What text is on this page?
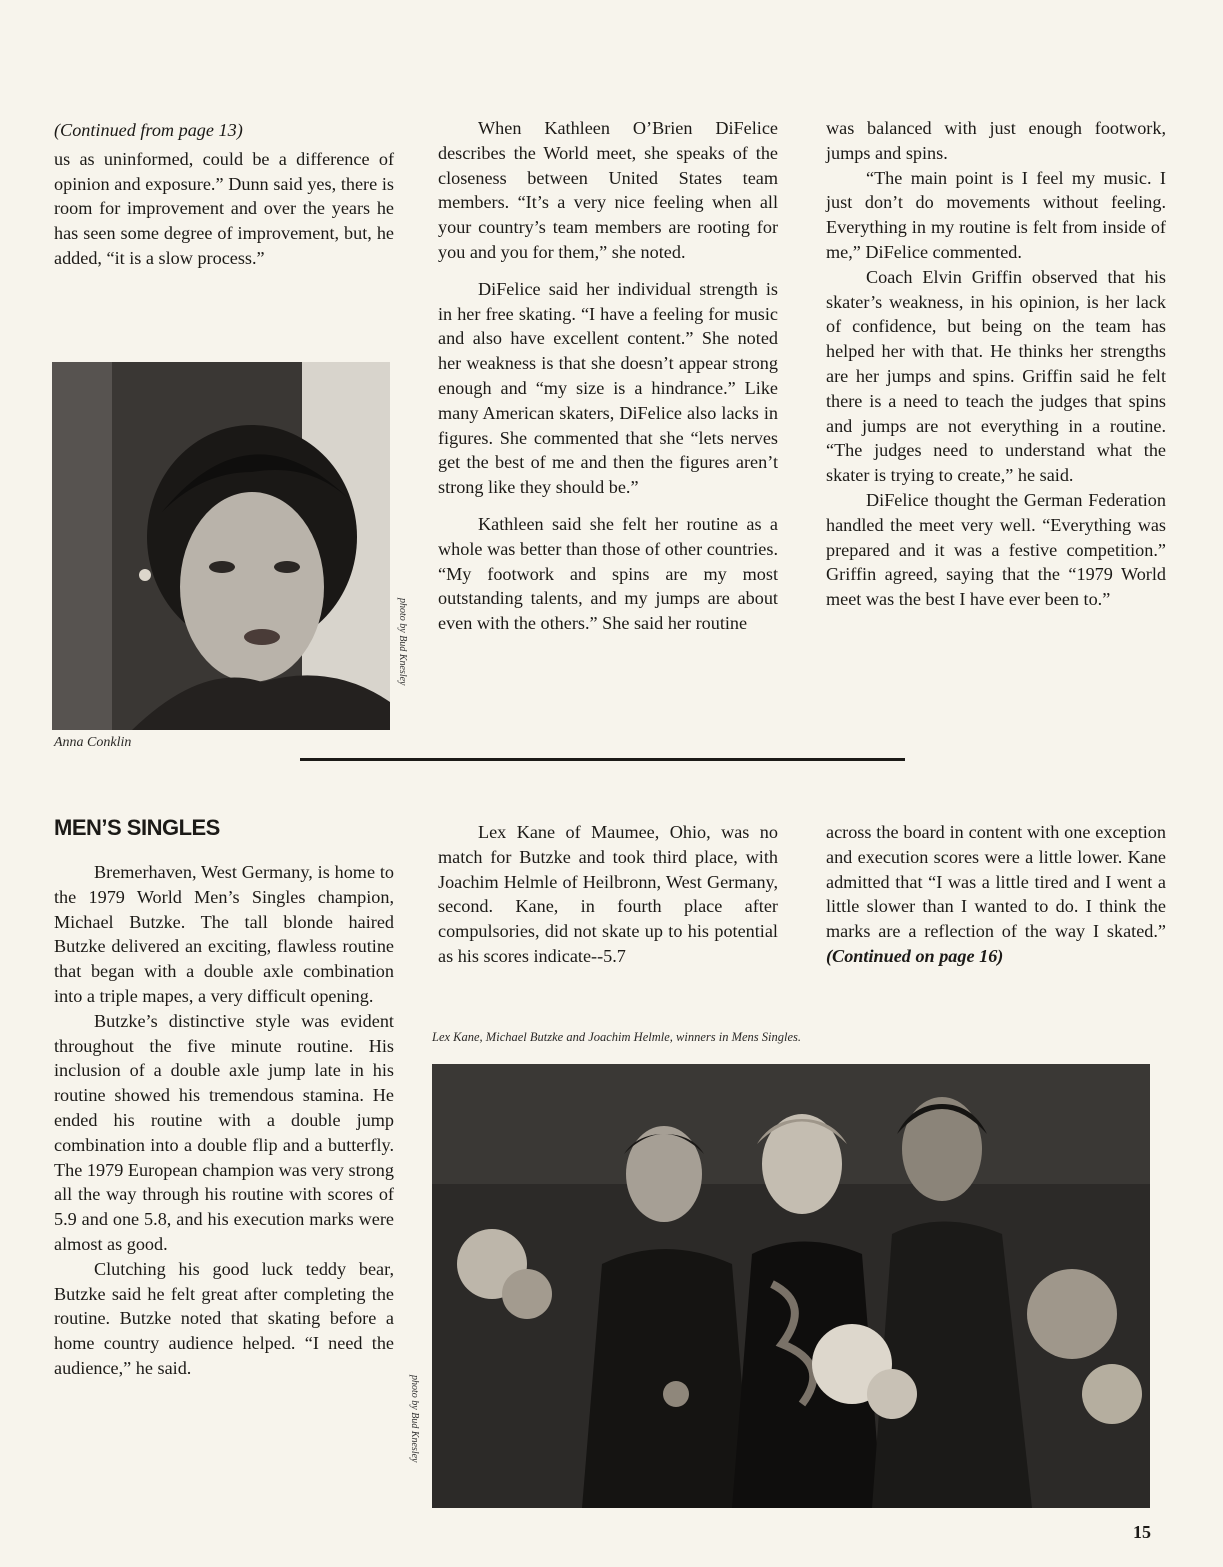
(Continued from page 13)

us as uninformed, could be a difference of opinion and exposure.” Dunn said yes, there is room for improvement and over the years he has seen some degree of improvement, but, he added, “it is a slow process.”

photo by Bud Knesley
Anna Conklin

When Kathleen O’Brien DiFelice describes the World meet, she speaks of the closeness between United States team members. “It’s a very nice feeling when all your country’s team members are rooting for you and you for them,” she noted.

DiFelice said her individual strength is in her free skating. “I have a feeling for music and also have excellent content.” She noted her weakness is that she doesn’t appear strong enough and “my size is a hindrance.” Like many American skaters, DiFelice also lacks in figures. She commented that she “lets nerves get the best of me and then the figures aren’t strong like they should be.”

Kathleen said she felt her routine as a whole was better than those of other countries. “My footwork and spins are my most outstanding talents, and my jumps are about even with the others.” She said her routine

was balanced with just enough footwork, jumps and spins.

“The main point is I feel my music. I just don’t do movements without feeling. Everything in my routine is felt from inside of me,” DiFelice commented.

Coach Elvin Griffin observed that his skater’s weakness, in his opinion, is her lack of confidence, but being on the team has helped her with that. He thinks her strengths are her jumps and spins. Griffin said he felt there is a need to teach the judges that spins and jumps are not everything in a routine. “The judges need to understand what the skater is trying to create,” he said.

DiFelice thought the German Federation handled the meet very well. “Everything was prepared and it was a festive competition.” Griffin agreed, saying that the “1979 World meet was the best I have ever been to.”

MEN’S SINGLES

Bremerhaven, West Germany, is home to the 1979 World Men’s Singles champion, Michael Butzke. The tall blonde haired Butzke delivered an exciting, flawless routine that began with a double axle combination into a triple mapes, a very difficult opening.

Butzke’s distinctive style was evident throughout the five minute routine. His inclusion of a double axle jump late in his routine showed his tremendous stamina. He ended his routine with a double jump combination into a double flip and a butterfly. The 1979 European champion was very strong all the way through his routine with scores of 5.9 and one 5.8, and his execution marks were almost as good.

Clutching his good luck teddy bear, Butzke said he felt great after completing the routine. Butzke noted that skating before a home country audience helped. “I need the audience,” he said.

Lex Kane of Maumee, Ohio, was no match for Butzke and took third place, with Joachim Helmle of Heilbronn, West Germany, second. Kane, in fourth place after compulsories, did not skate up to his potential as his scores indicate--5.7

across the board in content with one exception and execution scores were a little lower. Kane admitted that “I was a little tired and I went a little slower than I wanted to do. I think the marks are a reflection of the way I skated.” (Continued on page 16)

Lex Kane, Michael Butzke and Joachim Helmle, winners in Mens Singles.
photo by Bud Knesley
15
